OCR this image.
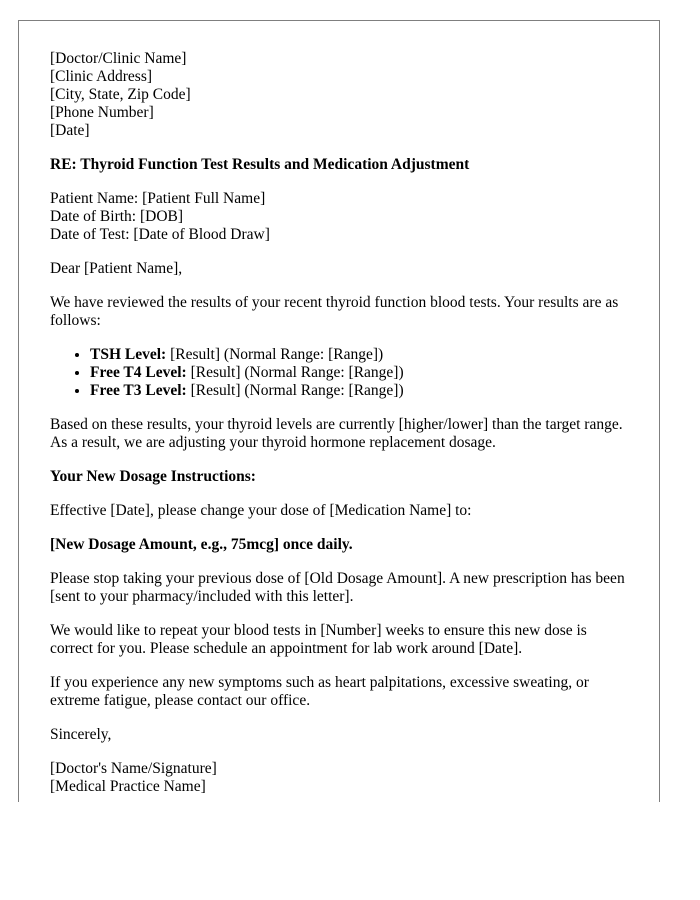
[Doctor/Clinic Name]
[Clinic Address]
[City, State, Zip Code]
[Phone Number]
[Date]

RE: Thyroid Function Test Results and Medication Adjustment

Patient Name: [Patient Full Name]
Date of Birth: [DOB]
Date of Test: [Date of Blood Draw]

Dear [Patient Name],

We have reviewed the results of your recent thyroid function blood tests. Your results are as follows:

• TSH Level: [Result] (Normal Range: [Range])
• Free T4 Level: [Result] (Normal Range: [Range])
• Free T3 Level: [Result] (Normal Range: [Range])

Based on these results, your thyroid levels are currently [higher/lower] than the target range. As a result, we are adjusting your thyroid hormone replacement dosage.

Your New Dosage Instructions:

Effective [Date], please change your dose of [Medication Name] to:

[New Dosage Amount, e.g., 75mcg] once daily.

Please stop taking your previous dose of [Old Dosage Amount]. A new prescription has been [sent to your pharmacy/included with this letter].

We would like to repeat your blood tests in [Number] weeks to ensure this new dose is correct for you. Please schedule an appointment for lab work around [Date].

If you experience any new symptoms such as heart palpitations, excessive sweating, or extreme fatigue, please contact our office.

Sincerely,

[Doctor's Name/Signature]
[Medical Practice Name]
